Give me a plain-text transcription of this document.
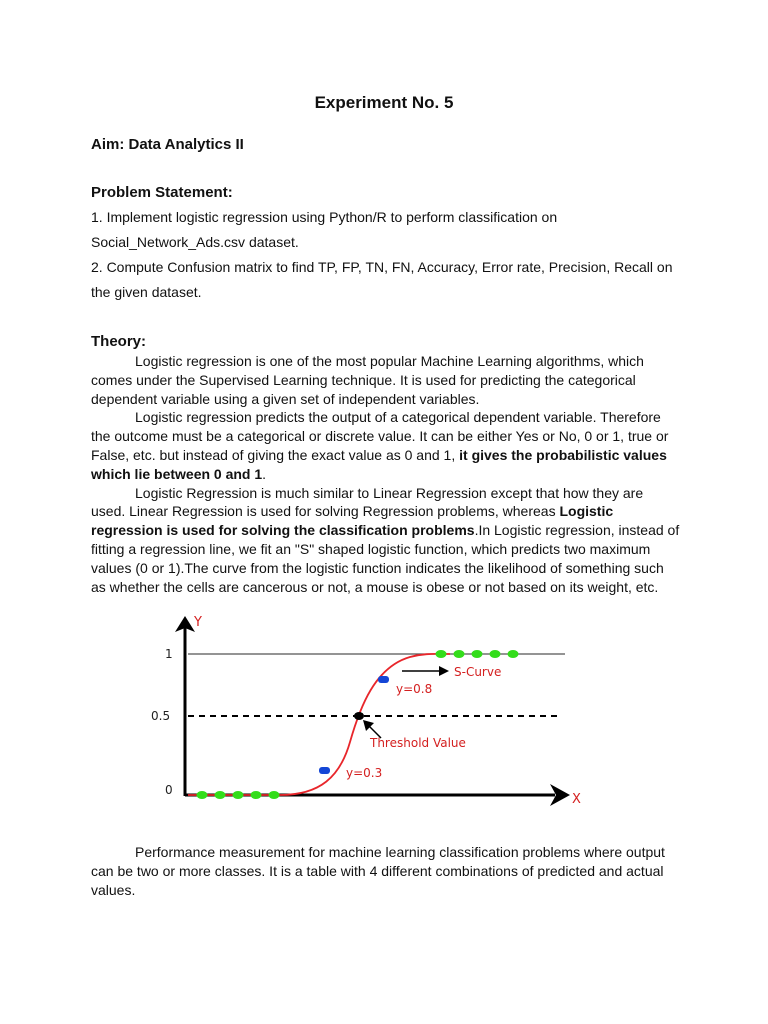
Experiment No. 5
Aim: Data Analytics II
Problem Statement:
1. Implement logistic regression using Python/R to perform classification on
Social_Network_Ads.csv dataset.
2. Compute Confusion matrix to find TP, FP, TN, FN, Accuracy, Error rate, Precision, Recall on
the given dataset.
Theory:

Logistic regression is one of the most popular Machine Learning algorithms, which comes under the Supervised Learning technique. It is used for predicting the categorical dependent variable using a given set of independent variables.

Logistic regression predicts the output of a categorical dependent variable. Therefore the outcome must be a categorical or discrete value. It can be either Yes or No, 0 or 1, true or False, etc. but instead of giving the exact value as 0 and 1, it gives the probabilistic values which lie between 0 and 1.

Logistic Regression is much similar to Linear Regression except that how they are used. Linear Regression is used for solving Regression problems, whereas Logistic regression is used for solving the classification problems.In Logistic regression, instead of fitting a regression line, we fit an "S" shaped logistic function, which predicts two maximum values (0 or 1).The curve from the logistic function indicates the likelihood of something such as whether the cells are cancerous or not, a mouse is obese or not based on its weight, etc.

Y
X
1
0.5
0
S-Curve
y=0.8
Threshold Value
y=0.3
Performance measurement for machine learning classification problems where output can be two or more classes. It is a table with 4 different combinations of predicted and actual values.
